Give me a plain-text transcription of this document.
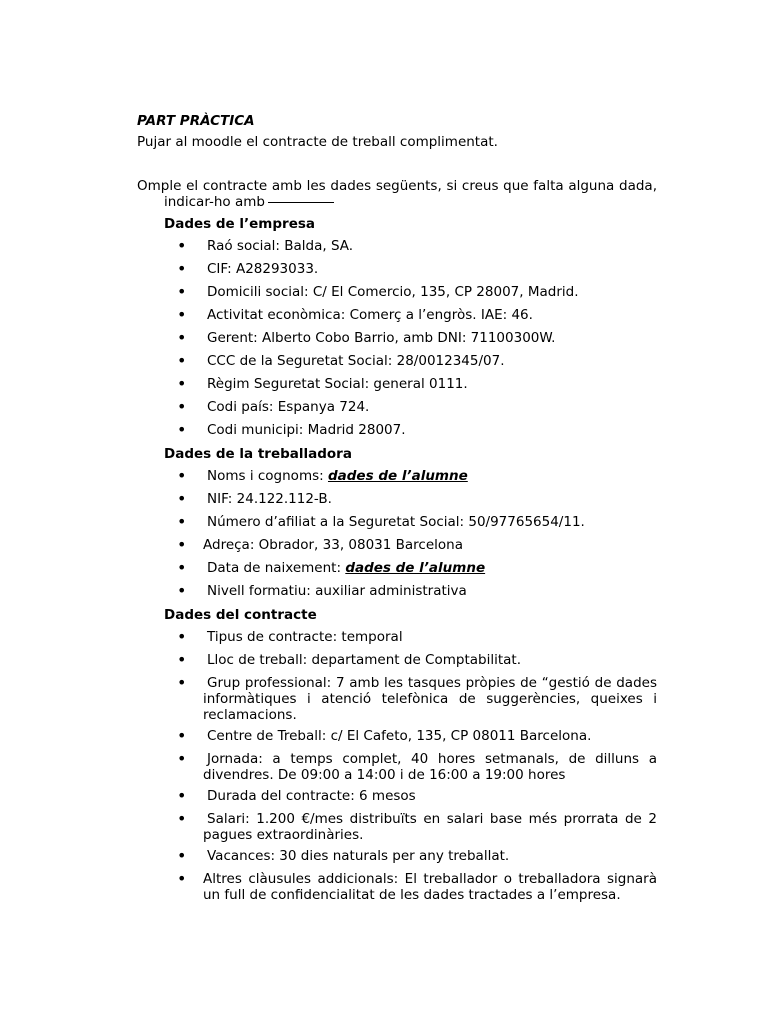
PART PRÀCTICA

Pujar al moodle el contracte de treball complimentat.

Omple el contracte amb les dades següents, si creus que falta alguna dada, indicar-ho amb

Dades de l’empresa
• Raó social: Balda, SA.
• CIF: A28293033.
• Domicili social: C/ El Comercio, 135, CP 28007, Madrid.
• Activitat econòmica: Comerç a l’engròs. IAE: 46.
• Gerent: Alberto Cobo Barrio, amb DNI: 71100300W.
• CCC de la Seguretat Social: 28/0012345/07.
• Règim Seguretat Social: general 0111.
• Codi país: Espanya 724.
• Codi municipi: Madrid 28007.
Dades de la treballadora
• Noms i cognoms: dades de l’alumne
• NIF: 24.122.112-B.
• Número d’afiliat a la Seguretat Social: 50/97765654/11.
• Adreça: Obrador, 33, 08031 Barcelona
• Data de naixement: dades de l’alumne
• Nivell formatiu: auxiliar administrativa
Dades del contracte
• Tipus de contracte: temporal
• Lloc de treball: departament de Comptabilitat.
• Grup professional: 7 amb les tasques pròpies de “gestió de dades informàtiques i atenció telefònica de suggerències, queixes i reclamacions.
• Centre de Treball: c/ El Cafeto, 135, CP 08011 Barcelona.
• Jornada: a temps complet, 40 hores setmanals, de dilluns a divendres. De 09:00 a 14:00 i de 16:00 a 19:00 hores
• Durada del contracte: 6 mesos
• Salari: 1.200 €/mes distribuïts en salari base més prorrata de 2 pagues extraordinàries.
• Vacances: 30 dies naturals per any treballat.
• Altres clàusules addicionals: El treballador o treballadora signarà un full de confidencialitat de les dades tractades a l’empresa.
